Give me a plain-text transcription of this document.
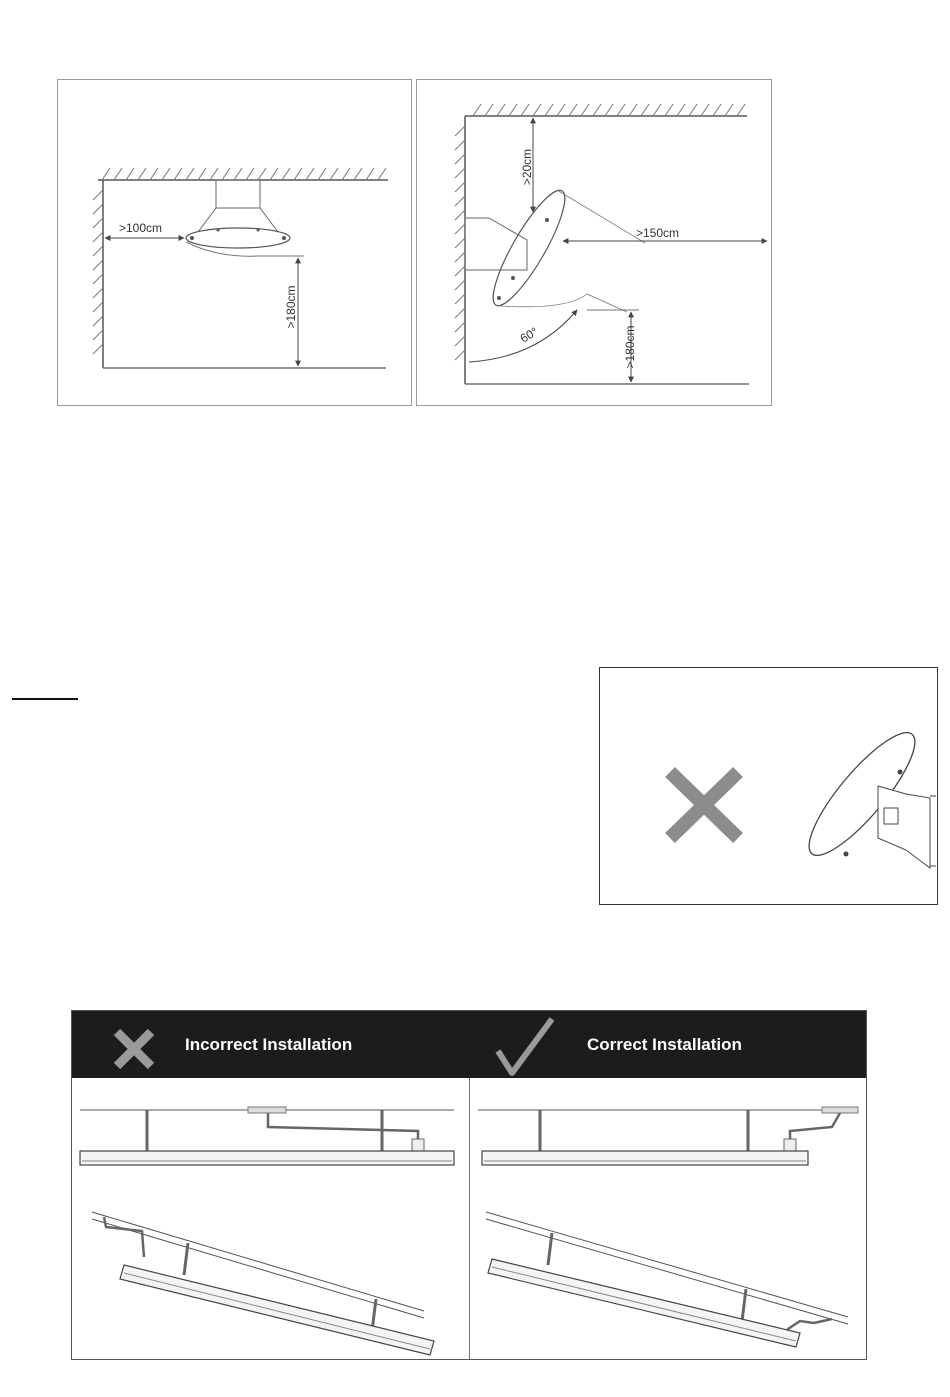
>100cm
>180cm
>20cm
>150cm
60°	>180cm
Incorrect Installation	Correct Installation
